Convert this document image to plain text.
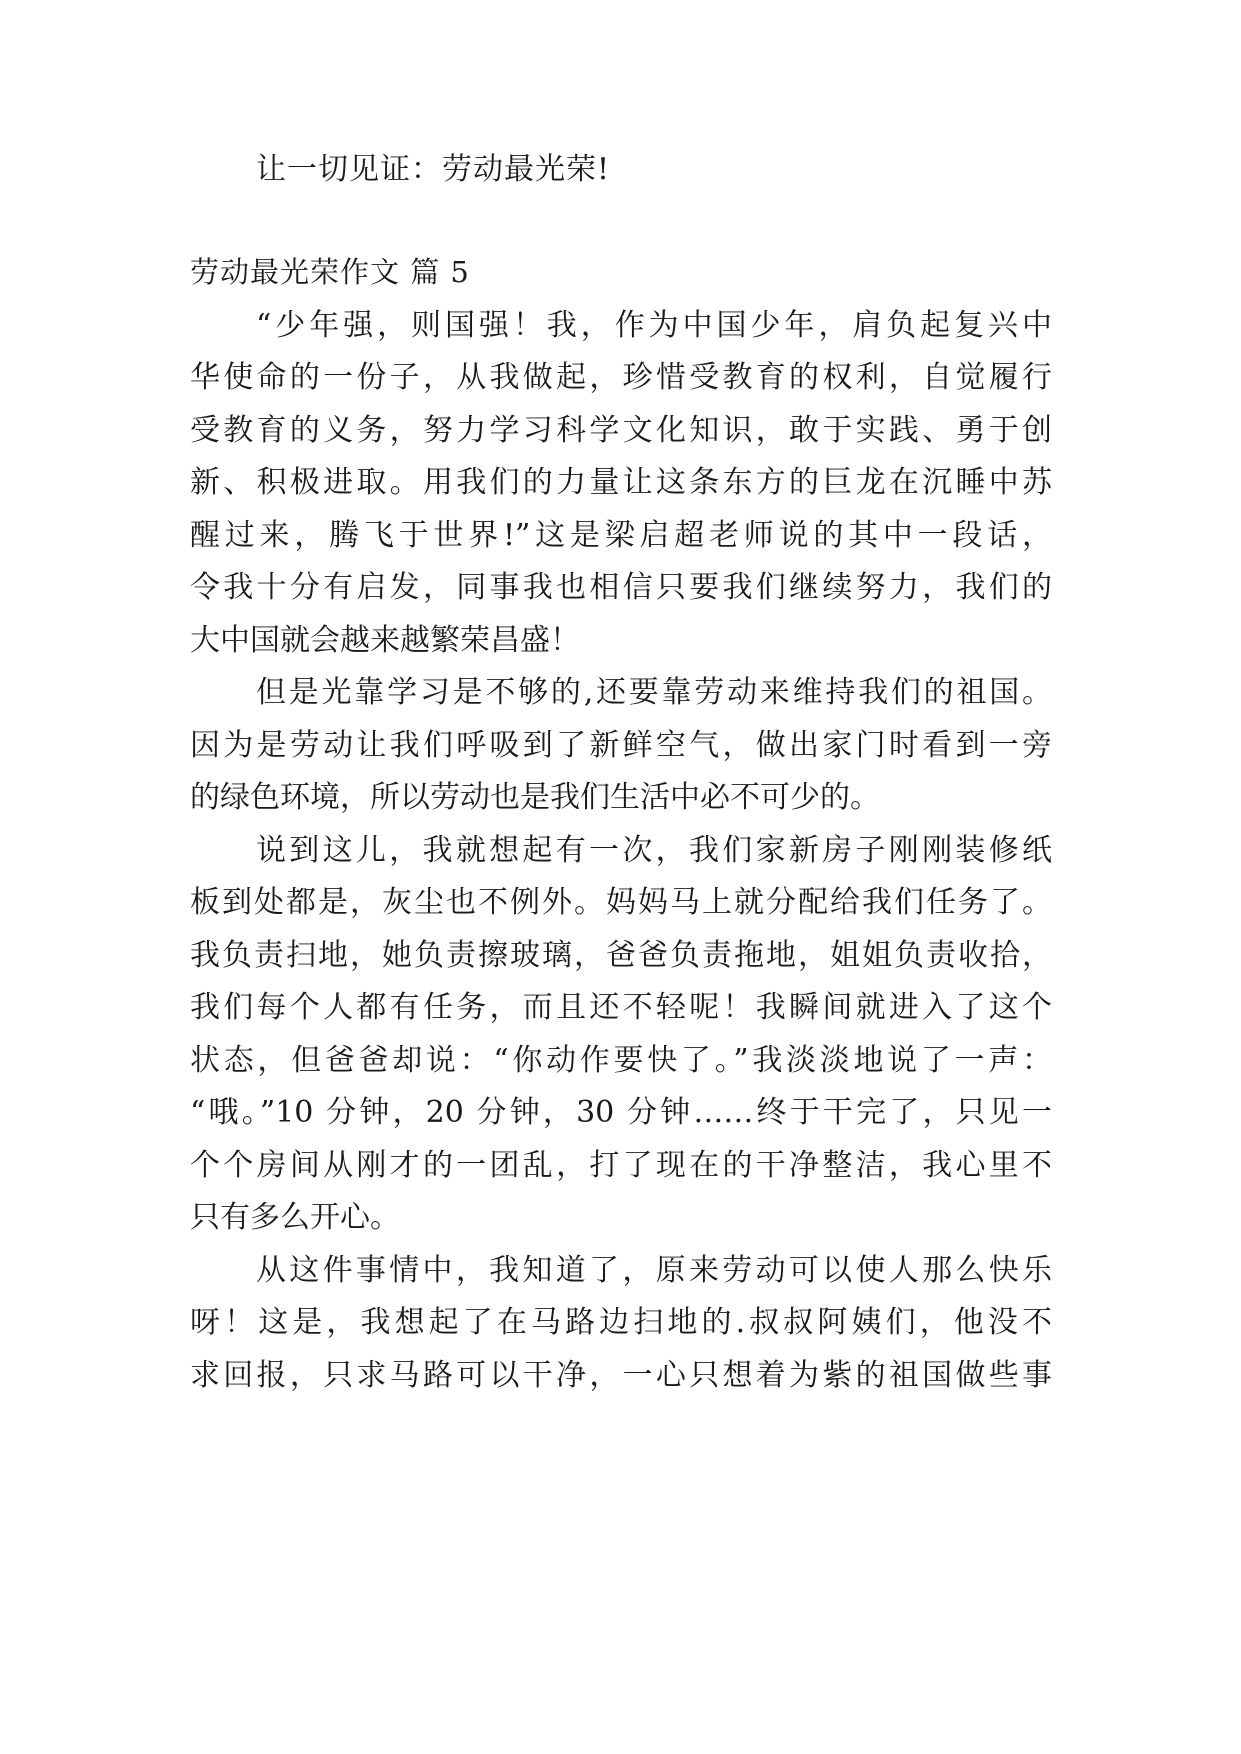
让一切见证：劳动最光荣!
劳动最光荣作文 篇 5
“少年强，则国强！我，作为中国少年，肩负起复兴中
华使命的一份子，从我做起，珍惜受教育的权利，自觉履行
受教育的义务，努力学习科学文化知识，敢于实践、勇于创
新、积极进取。用我们的力量让这条东方的巨龙在沉睡中苏
醒过来，腾飞于世界!”这是梁启超老师说的其中一段话，
令我十分有启发，同事我也相信只要我们继续努力，我们的
大中国就会越来越繁荣昌盛！
但是光靠学习是不够的,还要靠劳动来维持我们的祖国。
因为是劳动让我们呼吸到了新鲜空气，做出家门时看到一旁
的绿色环境，所以劳动也是我们生活中必不可少的。
说到这儿，我就想起有一次，我们家新房子刚刚装修纸
板到处都是，灰尘也不例外。妈妈马上就分配给我们任务了。
我负责扫地，她负责擦玻璃，爸爸负责拖地，姐姐负责收拾，
我们每个人都有任务，而且还不轻呢！我瞬间就进入了这个
状态，但爸爸却说：“你动作要快了。”我淡淡地说了一声：
“哦。”10 分钟，20 分钟，30 分钟……终于干完了，只见一
个个房间从刚才的一团乱，打了现在的干净整洁，我心里不
只有多么开心。
从这件事情中，我知道了，原来劳动可以使人那么快乐
呀！这是，我想起了在马路边扫地的.叔叔阿姨们，他没不
求回报，只求马路可以干净，一心只想着为紫的祖国做些事
